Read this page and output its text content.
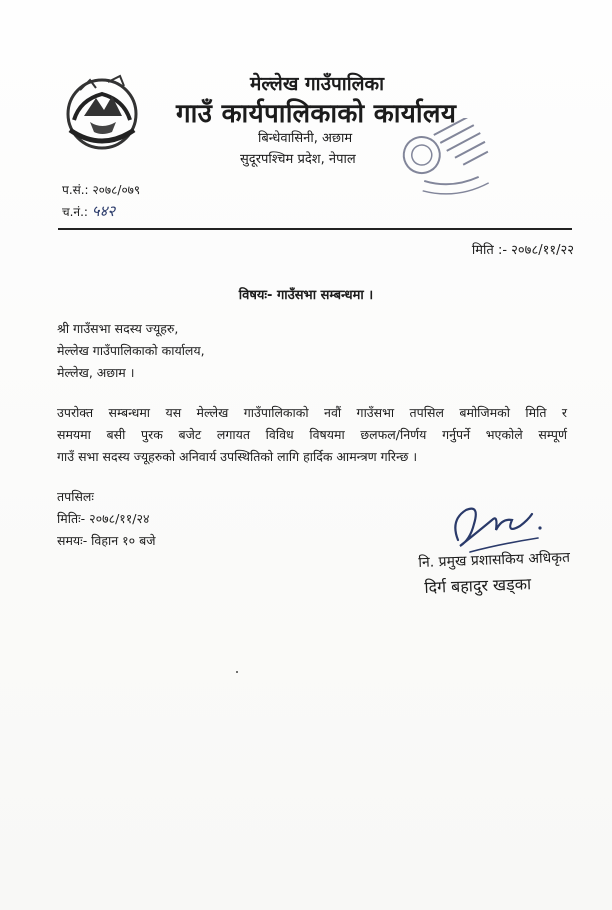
मेल्लेख गाउँपालिका
गाउँ कार्यपालिकाको कार्यालय
बिन्धेवासिनी, अछाम
सुदूरपश्चिम प्रदेश, नेपाल
प.सं.: २०७८/०७९
च.नं.: ५४२
मिति :- २०७८/११/२२
विषयः- गाउँसभा सम्बन्धमा ।
श्री गाउँसभा सदस्य ज्यूहरु,
मेल्लेख गाउँपालिकाको कार्यालय,
मेल्लेख, अछाम ।
उपरोक्त सम्बन्धमा यस मेल्लेख गाउँपालिकाको नवौं गाउँसभा तपसिल बमोजिमको मिति र
समयमा बसी पुरक बजेट लगायत विविध विषयमा छलफल/निर्णय गर्नुपर्ने भएकोले सम्पूर्ण
गाउँ सभा सदस्य ज्यूहरुको अनिवार्य उपस्थितिको लागि हार्दिक आमन्त्रण गरिन्छ ।
तपसिलः
मितिः- २०७८/११/२४
समयः- विहान १० बजे
नि. प्रमुख प्रशासकिय अधिकृत
दिर्ग बहादुर खड्का
